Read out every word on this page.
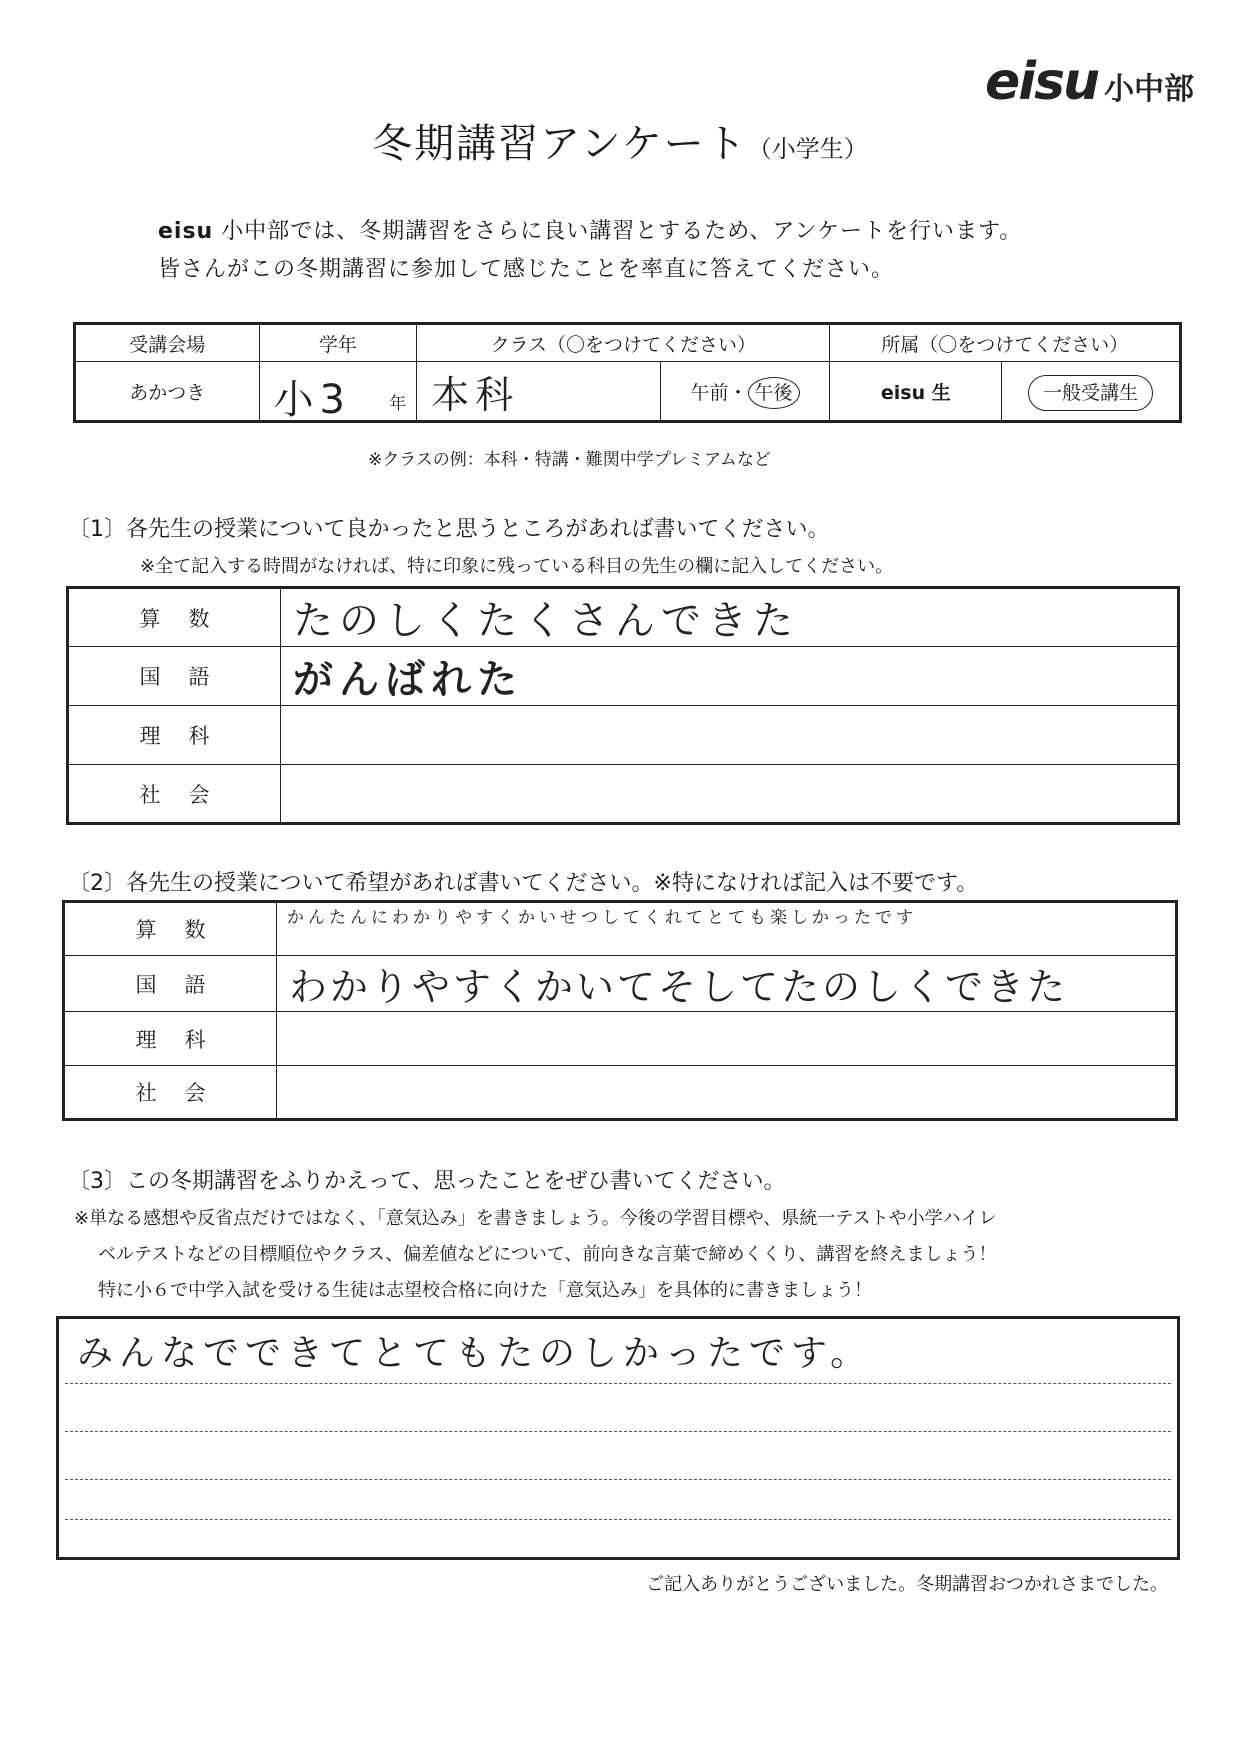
eisu 小中部
冬期講習アンケート（小学生）
eisu 小中部では、冬期講習をさらに良い講習とするため、アンケートを行います。
皆さんがこの冬期講習に参加して感じたことを率直に答えてください。
受講会場	学年	クラス（〇をつけてください）		所属（〇をつけてください）	
あかつき	小3 年	本科	午前・ 午後	eisu 生	一般受講生
※クラスの例：本科・特講・難関中学プレミアムなど
〔1〕各先生の授業について良かったと思うところがあれば書いてください。
※全て記入する時間がなければ、特に印象に残っている科目の先生の欄に記入してください。
算数	たのしくたくさんできた
国語	がんばれた
理科	
社会	
〔2〕各先生の授業について希望があれば書いてください。※特になければ記入は不要です。
算数	かんたんにわかりやすくかいせつしてくれてとても楽しかったです
国語	わかりやすくかいてそしてたのしくできた
理科	
社会	
〔3〕この冬期講習をふりかえって、思ったことをぜひ書いてください。
※単なる感想や反省点だけではなく、「意気込み」を書きましょう。今後の学習目標や、県統一テストや小学ハイレ
ベルテストなどの目標順位やクラス、偏差値などについて、前向きな言葉で締めくくり、講習を終えましょう！
特に小６で中学入試を受ける生徒は志望校合格に向けた「意気込み」を具体的に書きましょう！
みんなでできてとてもたのしかったです。
ご記入ありがとうございました。冬期講習おつかれさまでした。
